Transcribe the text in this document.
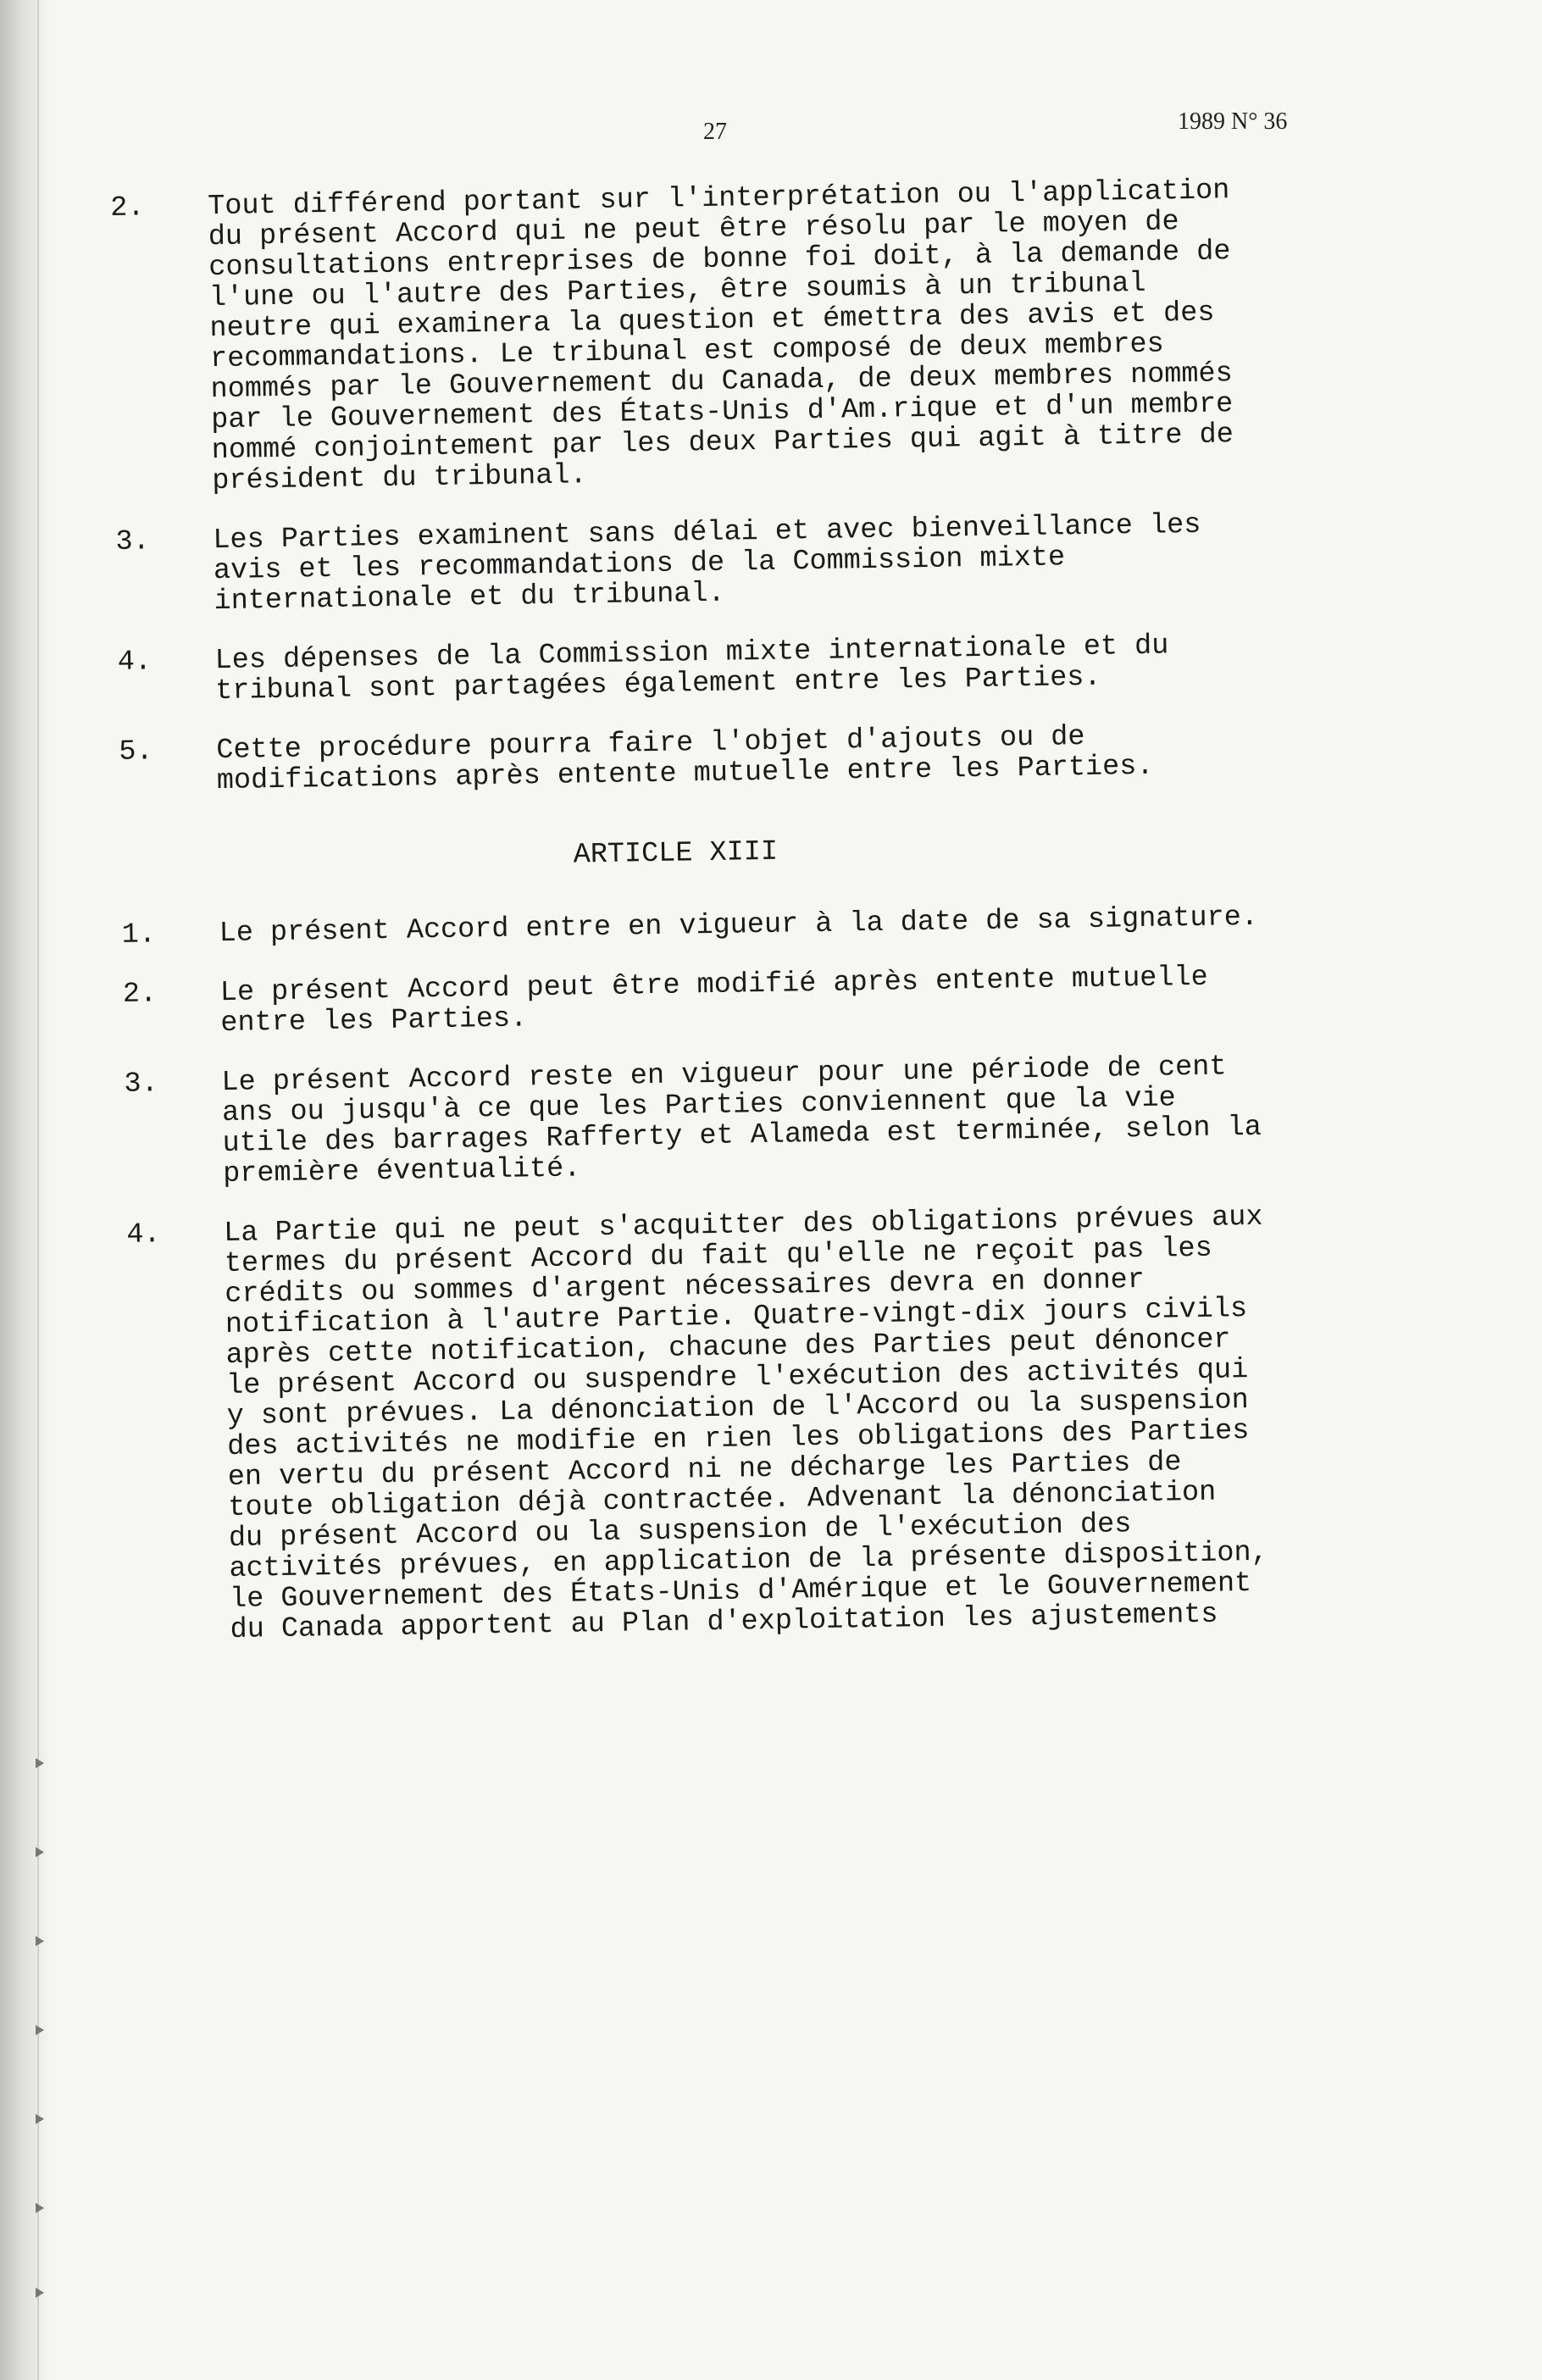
27	1989 N° 36
2.	Tout différend portant sur l'interprétation ou l'application
du présent Accord qui ne peut être résolu par le moyen de
consultations entreprises de bonne foi doit, à la demande de
l'une ou l'autre des Parties, être soumis à un tribunal
neutre qui examinera la question et émettra des avis et des
recommandations. Le tribunal est composé de deux membres
nommés par le Gouvernement du Canada, de deux membres nommés
par le Gouvernement des États-Unis d'Am.rique et d'un membre
nommé conjointement par les deux Parties qui agit à titre de
président du tribunal.
3.	Les Parties examinent sans délai et avec bienveillance les
avis et les recommandations de la Commission mixte
internationale et du tribunal.
4.	Les dépenses de la Commission mixte internationale et du
tribunal sont partagées également entre les Parties.
5.	Cette procédure pourra faire l'objet d'ajouts ou de
modifications après entente mutuelle entre les Parties.
ARTICLE XIII
1.	Le présent Accord entre en vigueur à la date de sa signature.
2.	Le présent Accord peut être modifié après entente mutuelle
entre les Parties.
3.	Le présent Accord reste en vigueur pour une période de cent
ans ou jusqu'à ce que les Parties conviennent que la vie
utile des barrages Rafferty et Alameda est terminée, selon la
première éventualité.
4.	La Partie qui ne peut s'acquitter des obligations prévues aux
termes du présent Accord du fait qu'elle ne reçoit pas les
crédits ou sommes d'argent nécessaires devra en donner
notification à l'autre Partie. Quatre-vingt-dix jours civils
après cette notification, chacune des Parties peut dénoncer
le présent Accord ou suspendre l'exécution des activités qui
y sont prévues. La dénonciation de l'Accord ou la suspension
des activités ne modifie en rien les obligations des Parties
en vertu du présent Accord ni ne décharge les Parties de
toute obligation déjà contractée. Advenant la dénonciation
du présent Accord ou la suspension de l'exécution des
activités prévues, en application de la présente disposition,
le Gouvernement des États-Unis d'Amérique et le Gouvernement
du Canada apportent au Plan d'exploitation les ajustements
